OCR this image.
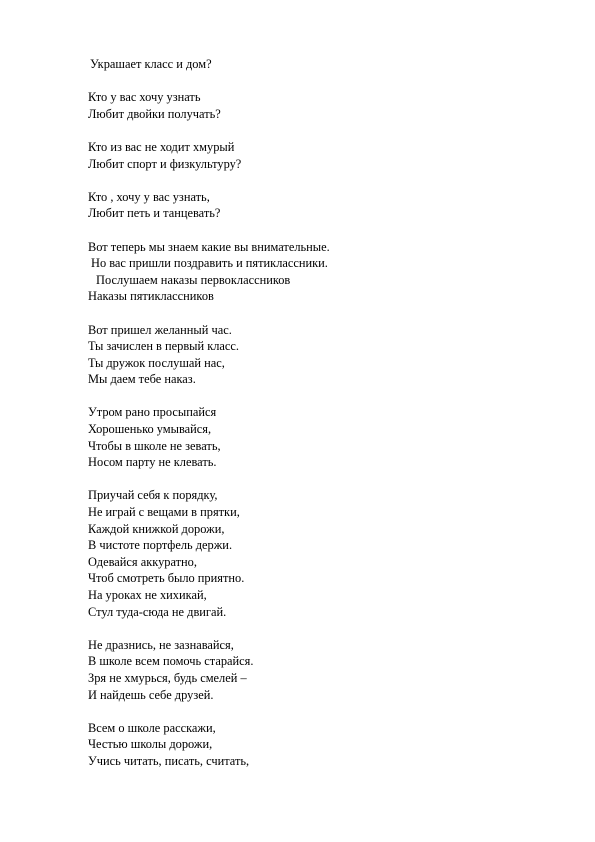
Украшает класс и дом?
Кто у вас хочу узнать
Любит двойки получать?
Кто из вас не ходит хмурый
Любит спорт и физкультуру?
Кто , хочу у вас узнать,
Любит петь и танцевать?
Вот теперь мы знаем какие вы внимательные.
Но вас пришли поздравить и пятиклассники.
Послушаем наказы первоклассников
Наказы пятиклассников
Вот пришел желанный час.
Ты зачислен в первый класс.
Ты дружок послушай нас,
Мы даем тебе наказ.
Утром рано просыпайся
Хорошенько умывайся,
Чтобы в школе не зевать,
Носом парту не клевать.
Приучай себя к порядку,
Не играй с вещами в прятки,
Каждой книжкой дорожи,
В чистоте портфель держи.
Одевайся аккуратно,
Чтоб смотреть было приятно.
На уроках не хихикай,
Стул туда-сюда не двигай.
Не дразнись, не зазнавайся,
В школе всем помочь старайся.
Зря не хмурься, будь смелей –
И найдешь себе друзей.
Всем о школе расскажи,
Честью школы дорожи,
Учись читать, писать, считать,
